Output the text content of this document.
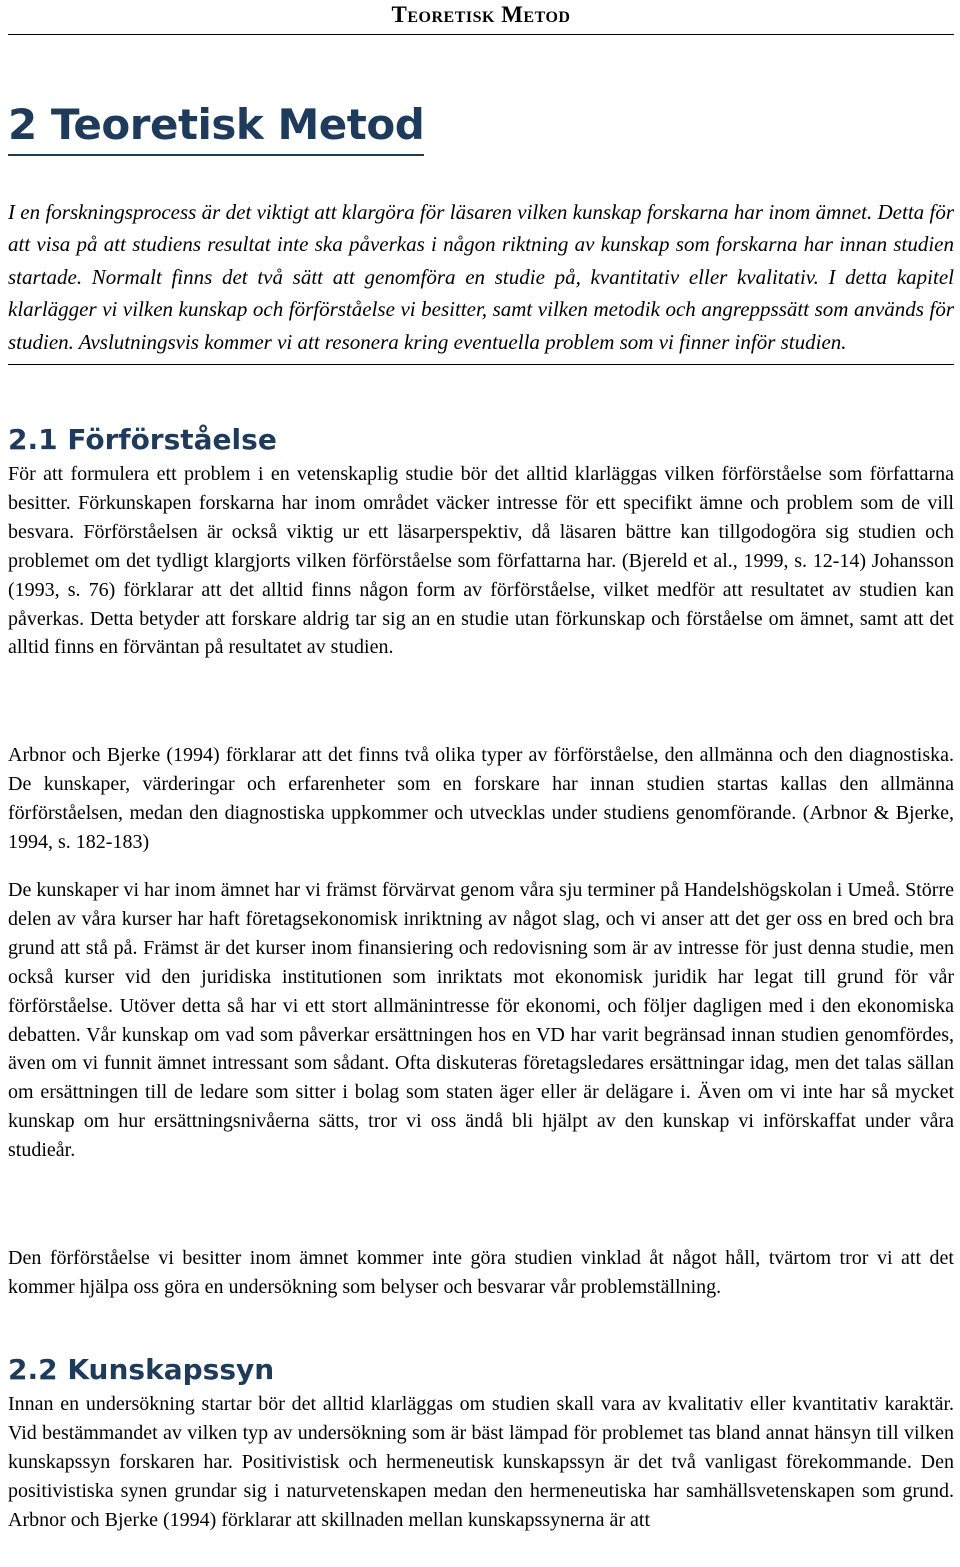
Teoretisk Metod
2 Teoretisk Metod

I en forskningsprocess är det viktigt att klargöra för läsaren vilken kunskap forskarna har inom ämnet. Detta för att visa på att studiens resultat inte ska påverkas i någon riktning av kunskap som forskarna har innan studien startade. Normalt finns det två sätt att genomföra en studie på, kvantitativ eller kvalitativ. I detta kapitel klarlägger vi vilken kunskap och förförståelse vi besitter, samt vilken metodik och angreppssätt som används för studien. Avslutningsvis kommer vi att resonera kring eventuella problem som vi finner inför studien.

2.1 Förförståelse

För att formulera ett problem i en vetenskaplig studie bör det alltid klarläggas vilken förförståelse som författarna besitter. Förkunskapen forskarna har inom området väcker intresse för ett specifikt ämne och problem som de vill besvara. Förförståelsen är också viktig ur ett läsarperspektiv, då läsaren bättre kan tillgodogöra sig studien och problemet om det tydligt klargjorts vilken förförståelse som författarna har. (Bjereld et al., 1999, s. 12-14) Johansson (1993, s. 76) förklarar att det alltid finns någon form av förförståelse, vilket medför att resultatet av studien kan påverkas. Detta betyder att forskare aldrig tar sig an en studie utan förkunskap och förståelse om ämnet, samt att det alltid finns en förväntan på resultatet av studien.

Arbnor och Bjerke (1994) förklarar att det finns två olika typer av förförståelse, den allmänna och den diagnostiska. De kunskaper, värderingar och erfarenheter som en forskare har innan studien startas kallas den allmänna förförståelsen, medan den diagnostiska uppkommer och utvecklas under studiens genomförande. (Arbnor & Bjerke, 1994, s. 182-183)

De kunskaper vi har inom ämnet har vi främst förvärvat genom våra sju terminer på Handelshögskolan i Umeå. Större delen av våra kurser har haft företagsekonomisk inriktning av något slag, och vi anser att det ger oss en bred och bra grund att stå på. Främst är det kurser inom finansiering och redovisning som är av intresse för just denna studie, men också kurser vid den juridiska institutionen som inriktats mot ekonomisk juridik har legat till grund för vår förförståelse. Utöver detta så har vi ett stort allmänintresse för ekonomi, och följer dagligen med i den ekonomiska debatten. Vår kunskap om vad som påverkar ersättningen hos en VD har varit begränsad innan studien genomfördes, även om vi funnit ämnet intressant som sådant. Ofta diskuteras företagsledares ersättningar idag, men det talas sällan om ersättningen till de ledare som sitter i bolag som staten äger eller är delägare i. Även om vi inte har så mycket kunskap om hur ersättningsnivåerna sätts, tror vi oss ändå bli hjälpt av den kunskap vi införskaffat under våra studieår.

Den förförståelse vi besitter inom ämnet kommer inte göra studien vinklad åt något håll, tvärtom tror vi att det kommer hjälpa oss göra en undersökning som belyser och besvarar vår problemställning.

2.2 Kunskapssyn

Innan en undersökning startar bör det alltid klarläggas om studien skall vara av kvalitativ eller kvantitativ karaktär. Vid bestämmandet av vilken typ av undersökning som är bäst lämpad för problemet tas bland annat hänsyn till vilken kunskapssyn forskaren har. Positivistisk och hermeneutisk kunskapssyn är det två vanligast förekommande. Den positivistiska synen grundar sig i naturvetenskapen medan den hermeneutiska har samhällsvetenskapen som grund. Arbnor och Bjerke (1994) förklarar att skillnaden mellan kunskapssynerna är att
